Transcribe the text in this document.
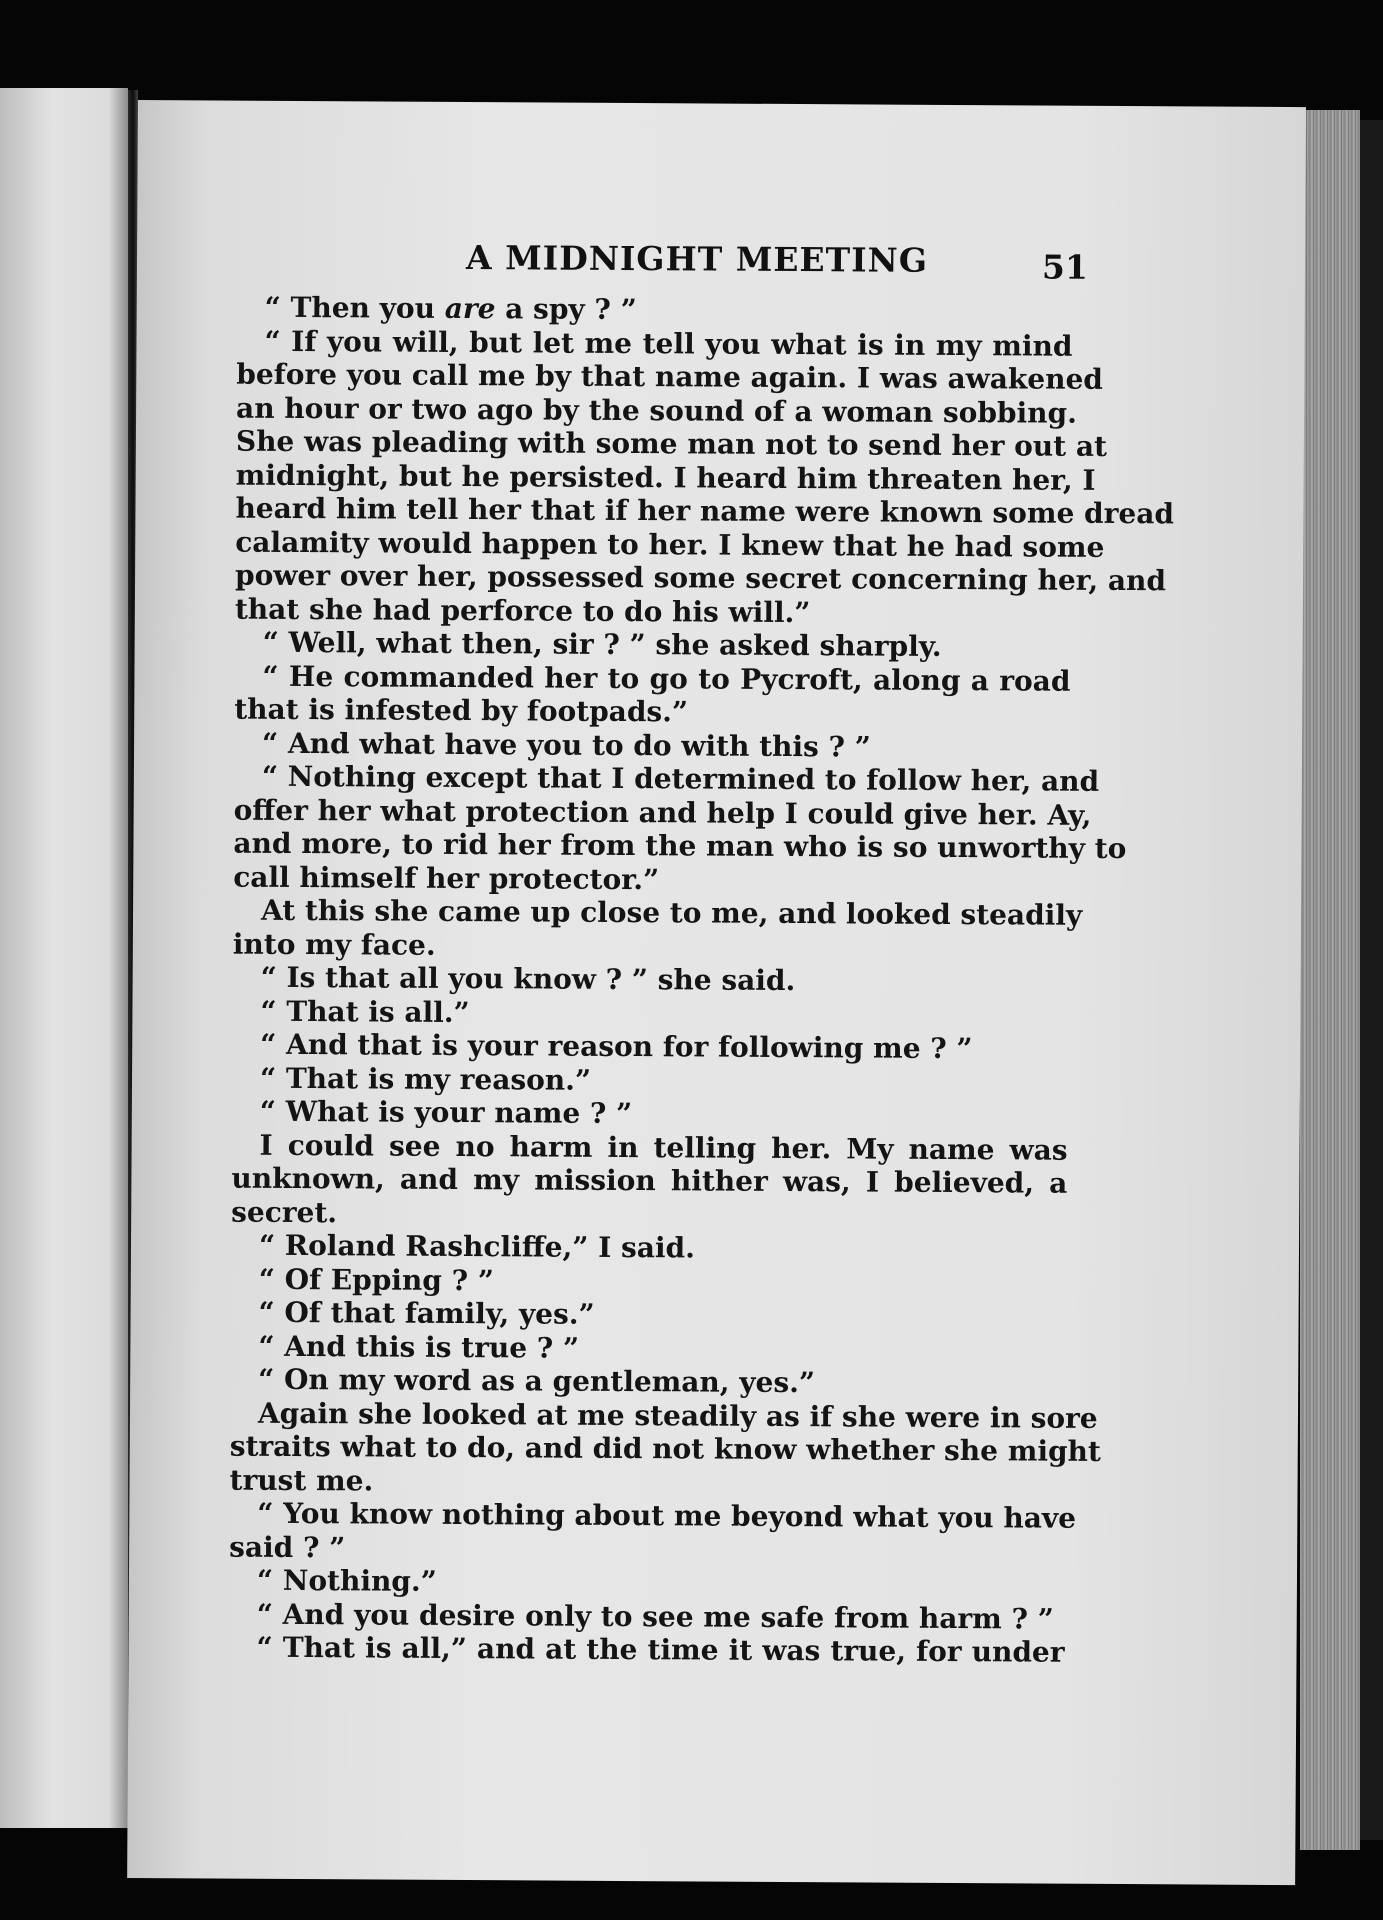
A MIDNIGHT MEETING	51
“ Then you are a spy ? ”
“ If you will, but let me tell you what is in my mind
before you call me by that name again. I was awakened
an hour or two ago by the sound of a woman sobbing.
She was pleading with some man not to send her out at
midnight, but he persisted. I heard him threaten her, I
heard him tell her that if her name were known some dread
calamity would happen to her. I knew that he had some
power over her, possessed some secret concerning her, and
that she had perforce to do his will.”
“ Well, what then, sir ? ” she asked sharply.
“ He commanded her to go to Pycroft, along a road
that is infested by footpads.”
“ And what have you to do with this ? ”
“ Nothing except that I determined to follow her, and
offer her what protection and help I could give her. Ay,
and more, to rid her from the man who is so unworthy to
call himself her protector.”
At this she came up close to me, and looked steadily
into my face.
“ Is that all you know ? ” she said.
“ That is all.”
“ And that is your reason for following me ? ”
“ That is my reason.”
“ What is your name ? ”
I could see no harm in telling her. My name was
unknown, and my mission hither was, I believed, a
secret.
“ Roland Rashcliffe,” I said.
“ Of Epping ? ”
“ Of that family, yes.”
“ And this is true ? ”
“ On my word as a gentleman, yes.”
Again she looked at me steadily as if she were in sore
straits what to do, and did not know whether she might
trust me.
“ You know nothing about me beyond what you have
said ? ”
“ Nothing.”
“ And you desire only to see me safe from harm ? ”
“ That is all,” and at the time it was true, for under
